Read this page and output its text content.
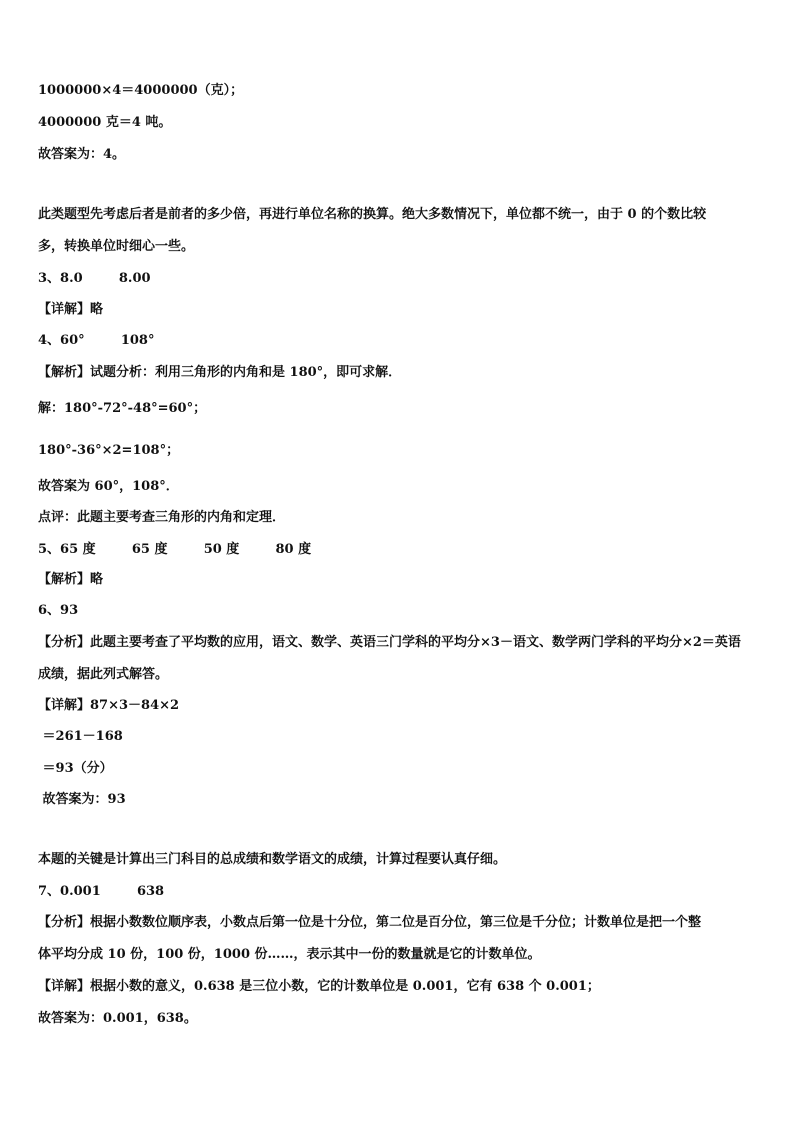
1000000×4＝4000000（克）；
4000000 克＝4 吨。
故答案为：4。
此类题型先考虑后者是前者的多少倍，再进行单位名称的换算。绝大多数情况下，单位都不统一，由于 0 的个数比较
多，转换单位时细心一些。
3、8.0        8.00
【详解】略
4、60°        108°
【解析】试题分析：利用三角形的内角和是 180°，即可求解．
解：180°-72°-48°=60°；
180°-36°×2=108°；
故答案为 60°，108°．
点评：此题主要考查三角形的内角和定理．
5、65 度        65 度        50 度        80 度
【解析】略
6、93
【分析】此题主要考查了平均数的应用，语文、数学、英语三门学科的平均分×3－语文、数学两门学科的平均分×2＝英语
成绩，据此列式解答。
【详解】87×3－84×2
＝261－168
＝93（分）
故答案为：93
本题的关键是计算出三门科目的总成绩和数学语文的成绩，计算过程要认真仔细。
7、0.001        638
【分析】根据小数数位顺序表，小数点后第一位是十分位，第二位是百分位，第三位是千分位；计数单位是把一个整
体平均分成 10 份，100 份，1000 份……，表示其中一份的数量就是它的计数单位。
【详解】根据小数的意义，0.638 是三位小数，它的计数单位是 0.001，它有 638 个 0.001；
故答案为：0.001，638。
